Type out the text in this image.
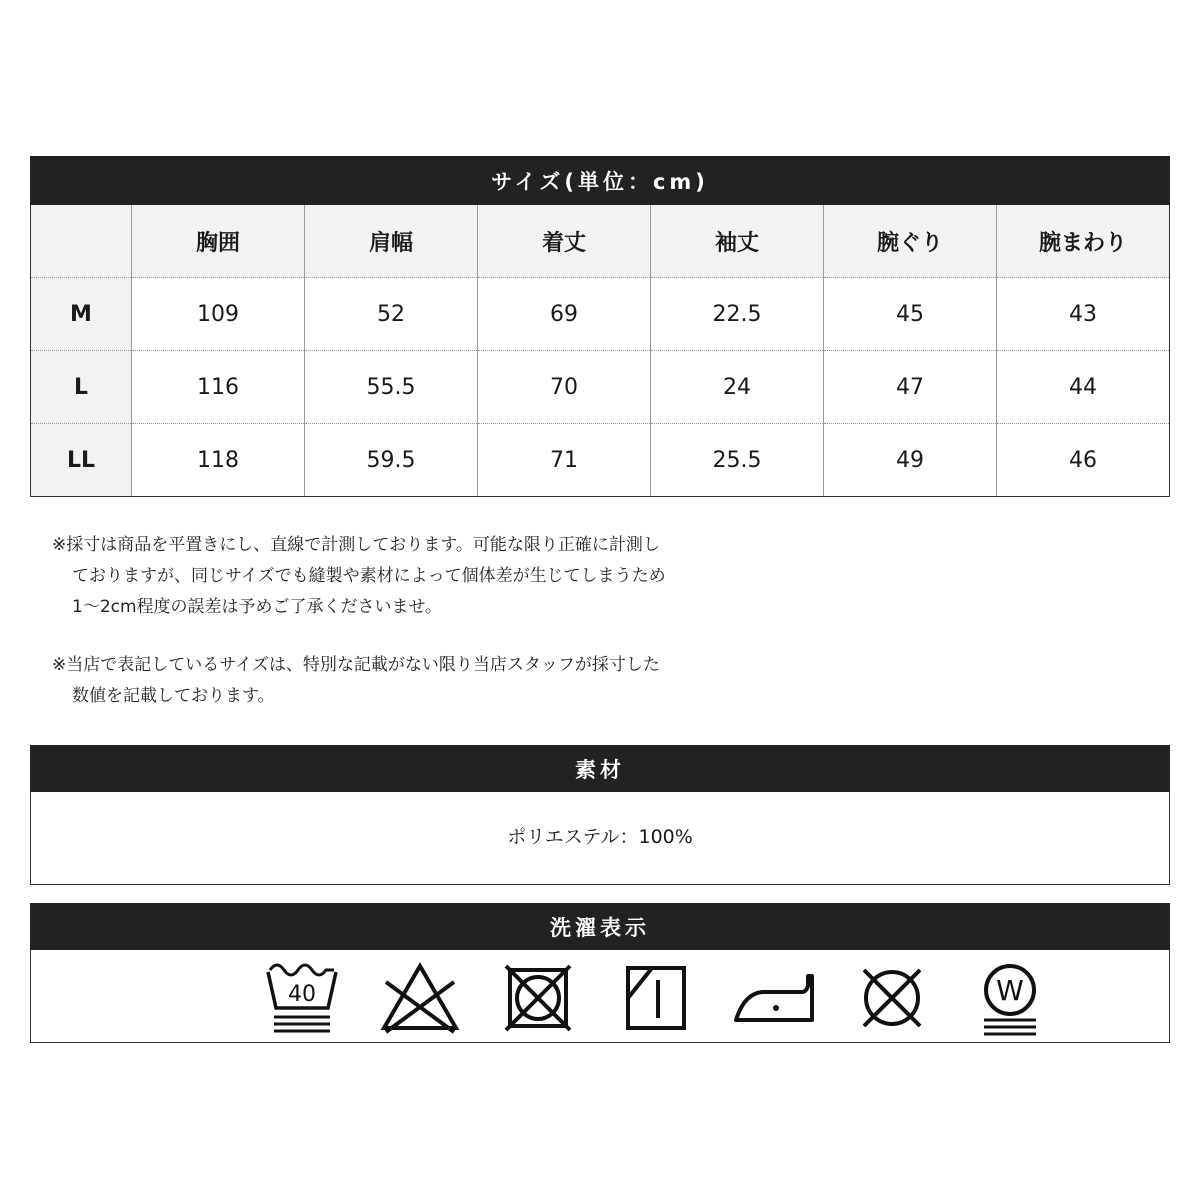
サイズ(単位：cm)
	胸囲	肩幅	着丈	袖丈	腕ぐり	腕まわり
M	109	52	69	22.5	45	43
L	116	55.5	70	24	47	44
LL	118	59.5	71	25.5	49	46

※採寸は商品を平置きにし、直線で計測しております。可能な限り正確に計測し

ておりますが、同じサイズでも縫製や素材によって個体差が生じてしまうため

1〜2cm程度の誤差は予めご了承くださいませ。

※当店で表記しているサイズは、特別な記載がない限り当店スタッフが採寸した

数値を記載しております。

素材
ポリエステル：100%
洗濯表示
40	W
